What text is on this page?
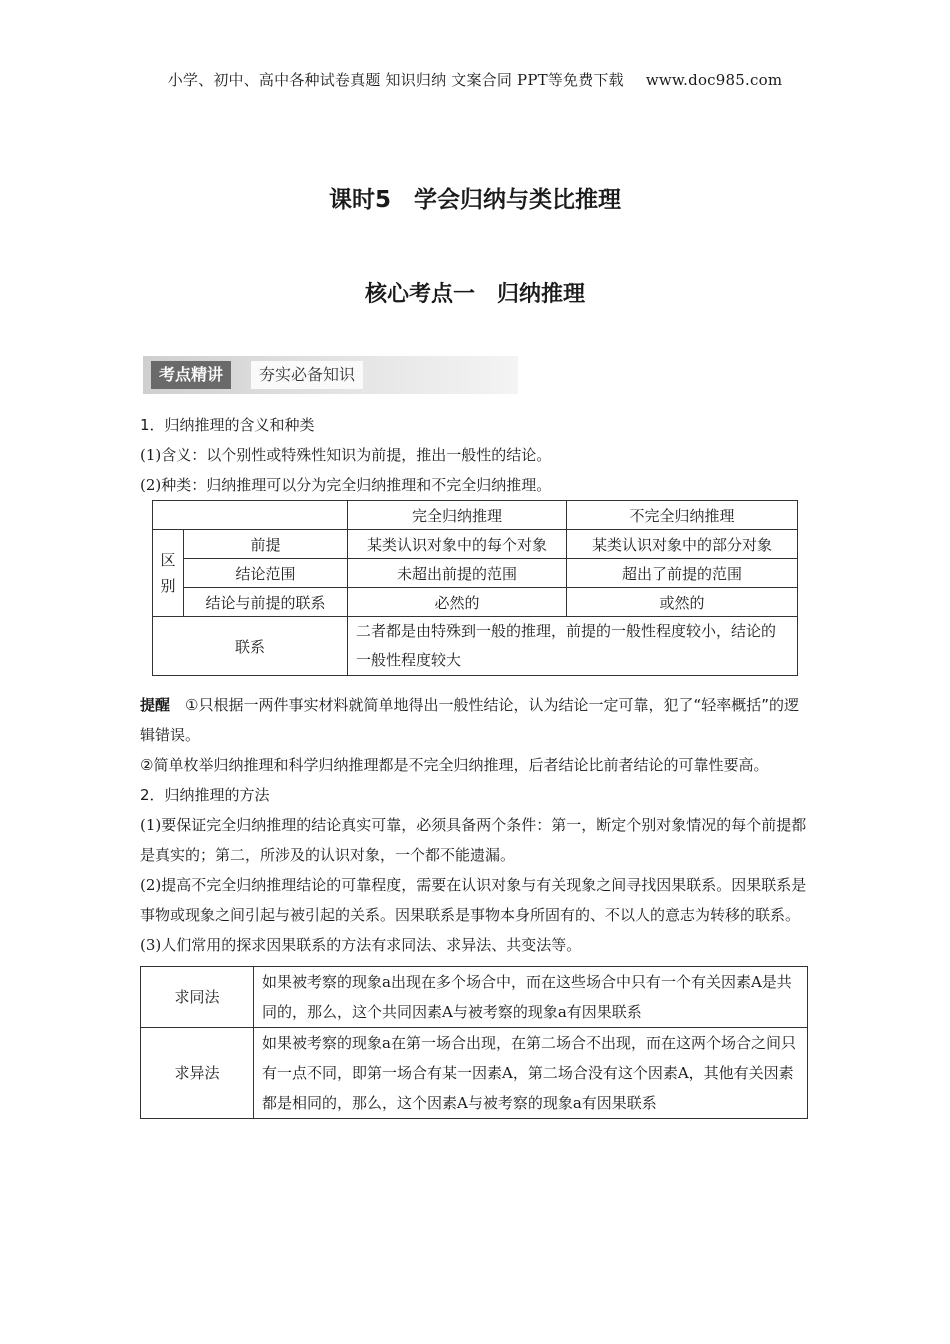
小学、初中、高中各种试卷真题 知识归纳 文案合同 PPT等免费下载 www.doc985.com
课时5　学会归纳与类比推理
核心考点一　归纳推理
考点精讲	夯实必备知识

1．归纳推理的含义和种类

(1)含义：以个别性或特殊性知识为前提，推出一般性的结论。

(2)种类：归纳推理可以分为完全归纳推理和不完全归纳推理。

		完全归纳推理	不完全归纳推理
区别	前提	某类认识对象中的每个对象	某类认识对象中的部分对象
	结论范围	未超出前提的范围	超出了前提的范围
	结论与前提的联系	必然的	或然的
联系		二者都是由特殊到一般的推理，前提的一般性程度较小，结论的一般性程度较大	

提醒　 ①只根据一两件事实材料就简单地得出一般性结论，认为结论一定可靠，犯了“轻率概括”的逻辑错误。

②简单枚举归纳推理和科学归纳推理都是不完全归纳推理，后者结论比前者结论的可靠性要高。

2．归纳推理的方法

(1)要保证完全归纳推理的结论真实可靠，必须具备两个条件：第一，断定个别对象情况的每个前提都是真实的；第二，所涉及的认识对象，一个都不能遗漏。

(2)提高不完全归纳推理结论的可靠程度，需要在认识对象与有关现象之间寻找因果联系。因果联系是事物或现象之间引起与被引起的关系。因果联系是事物本身所固有的、不以人的意志为转移的联系。

(3)人们常用的探求因果联系的方法有求同法、求异法、共变法等。

求同法	如果被考察的现象a出现在多个场合中，而在这些场合中只有一个有关因素A是共同的，那么，这个共同因素A与被考察的现象a有因果联系
求异法	如果被考察的现象a在第一场合出现，在第二场合不出现，而在这两个场合之间只有一点不同，即第一场合有某一因素A，第二场合没有这个因素A，其他有关因素都是相同的，那么，这个因素A与被考察的现象a有因果联系
